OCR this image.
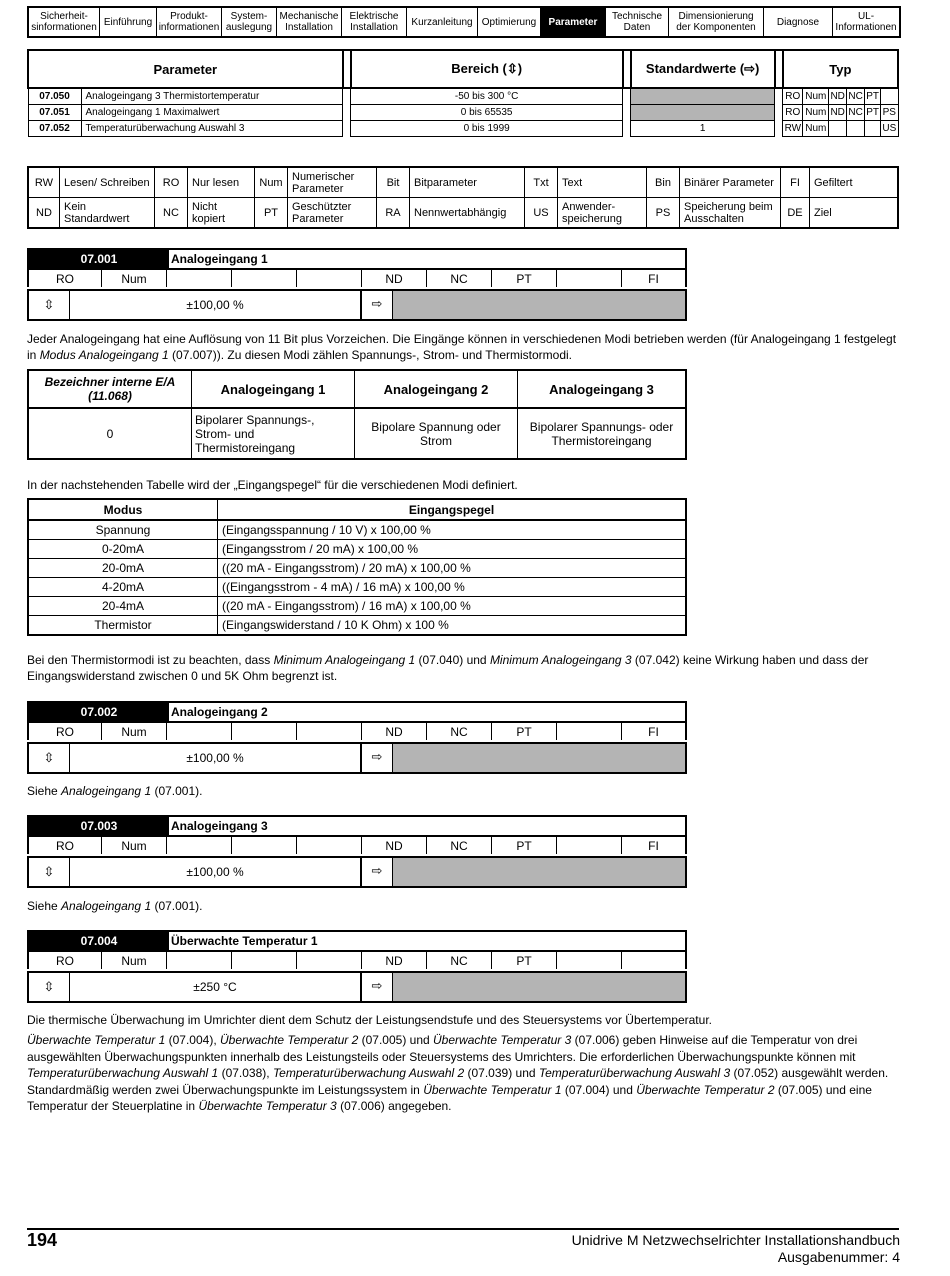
Sicherheit-sinformationen	Einführung	Produkt-informationen	System-auslegung	Mechanische Installation	Elektrische Installation	Kurzanleitung	Optimierung	Parameter	Technische Daten	Dimensionierung der Komponenten	Diagnose	UL-Informationen
Parameter			Bereich (⇳)		Standardwerte (⇨)		Typ					
07.050	Analogeingang 3 Thermistortemperatur		-50 bis 300 °C				RO	Num	ND	NC	PT	
07.051	Analogeingang 1 Maximalwert		0 bis 65535				RO	Num	ND	NC	PT	PS
07.052	Temperaturüberwachung Auswahl 3		0 bis 1999		1		RW	Num				US
RW	Lesen/ Schreiben	RO	Nur lesen	Num	Numerischer Parameter	Bit	Bitparameter	Txt	Text	Bin	Binärer Parameter	FI	Gefiltert
ND	Kein Standardwert	NC	Nicht kopiert	PT	Geschützter Parameter	RA	Nennwertabhängig	US	Anwender-speicherung	PS	Speicherung beim Ausschalten	DE	Ziel
07.001	Analogeingang 1
RO	Num				ND	NC	PT		FI
⇳	±100,00 %	⇨
Jeder Analogeingang hat eine Auflösung von 11 Bit plus Vorzeichen. Die Eingänge können in verschiedenen Modi betrieben werden (für Analogeingang 1 festgelegt in Modus Analogeingang 1 (07.007)). Zu diesen Modi zählen Spannungs-, Strom- und Thermistormodi.
Bezeichner interne E/A (11.068)	Analogeingang 1	Analogeingang 2	Analogeingang 3
0	Bipolarer Spannungs-, Strom- und Thermistoreingang	Bipolare Spannung oder Strom	Bipolarer Spannungs- oder Thermistoreingang
In der nachstehenden Tabelle wird der „Eingangspegel“ für die verschiedenen Modi definiert.
Modus	Eingangspegel
Spannung	(Eingangsspannung / 10 V) x 100,00 %
0-20mA	(Eingangsstrom / 20 mA) x 100,00 %
20-0mA	((20 mA - Eingangsstrom) / 20 mA) x 100,00 %
4-20mA	((Eingangsstrom - 4 mA) / 16 mA) x 100,00 %
20-4mA	((20 mA - Eingangsstrom) / 16 mA) x 100,00 %
Thermistor	(Eingangswiderstand / 10 K Ohm) x 100 %
Bei den Thermistormodi ist zu beachten, dass Minimum Analogeingang 1 (07.040) und Minimum Analogeingang 3 (07.042) keine Wirkung haben und dass der Eingangswiderstand zwischen 0 und 5K Ohm begrenzt ist.
07.002	Analogeingang 2
RO	Num				ND	NC	PT		FI
⇳	±100,00 %	⇨
Siehe Analogeingang 1 (07.001).
07.003	Analogeingang 3
RO	Num				ND	NC	PT		FI
⇳	±100,00 %	⇨
Siehe Analogeingang 1 (07.001).
07.004	Überwachte Temperatur 1
RO	Num				ND	NC	PT		
⇳	±250 °C	⇨
Die thermische Überwachung im Umrichter dient dem Schutz der Leistungsendstufe und des Steuersystems vor Übertemperatur.
Überwachte Temperatur 1 (07.004), Überwachte Temperatur 2 (07.005) und Überwachte Temperatur 3 (07.006) geben Hinweise auf die Temperatur von drei ausgewählten Überwachungspunkten innerhalb des Leistungsteils oder Steuersystems des Umrichters. Die erforderlichen Überwachungspunkte können mit Temperaturüberwachung Auswahl 1 (07.038), Temperaturüberwachung Auswahl 2 (07.039) und Temperaturüberwachung Auswahl 3 (07.052) ausgewählt werden. Standardmäßig werden zwei Überwachungspunkte im Leistungssystem in Überwachte Temperatur 1 (07.004) und Überwachte Temperatur 2 (07.005) und eine Temperatur der Steuerplatine in Überwachte Temperatur 3 (07.006) angegeben.
194	Unidrive M Netzwechselrichter Installationshandbuch
Ausgabenummer: 4
